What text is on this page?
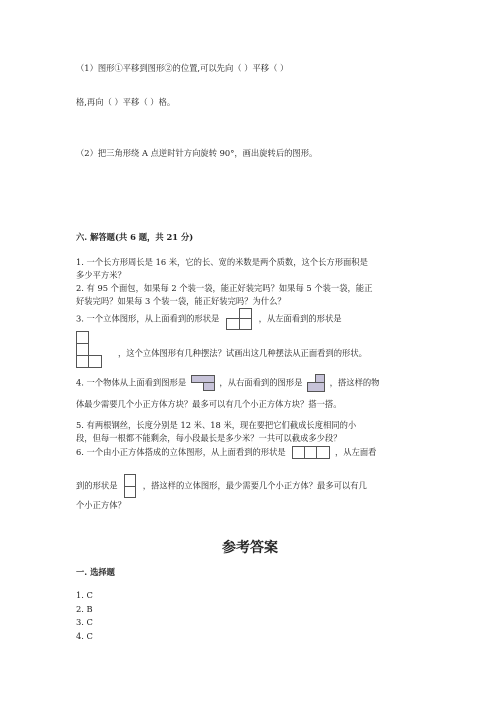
（1）图形①平移到图形②的位置,可以先向（ ）平移（ ）
格,再向（ ）平移（ ）格。
（2）把三角形绕 A 点逆时针方向旋转 90°，画出旋转后的图形。
六. 解答题(共 6 题，共 21 分)
1. 一个长方形周长是 16 米，它的长、宽的米数是两个质数，这个长方形面积是
多少平方米？
2. 有 95 个面包，如果每 2 个装一袋，能正好装完吗？如果每 5 个装一袋，能正
好装完吗？如果每 3 个装一袋，能正好装完吗？为什么？
3. 一个立体图形，从上面看到的形状是	，从左面看到的形状是
，这个立体图形有几种摆法？试画出这几种摆法从正面看到的形状。
4. 一个物体从上面看到图形是	，从右面看到的图形是	，搭这样的物
体最少需要几个小正方体方块？最多可以有几个小正方体方块？搭一搭。
5. 有两根钢丝，长度分别是 12 米、18 米，现在要把它们截成长度相同的小
段，但每一根都不能剩余，每小段最长是多少米？一共可以截成多少段？
6. 一个由小正方体搭成的立体图形，从上面看到的形状是	，从左面看
到的形状是	，搭这样的立体图形，最少需要几个小正方体？最多可以有几
个小正方体？
参考答案
一. 选择题
1. C
2. B
3. C
4. C
